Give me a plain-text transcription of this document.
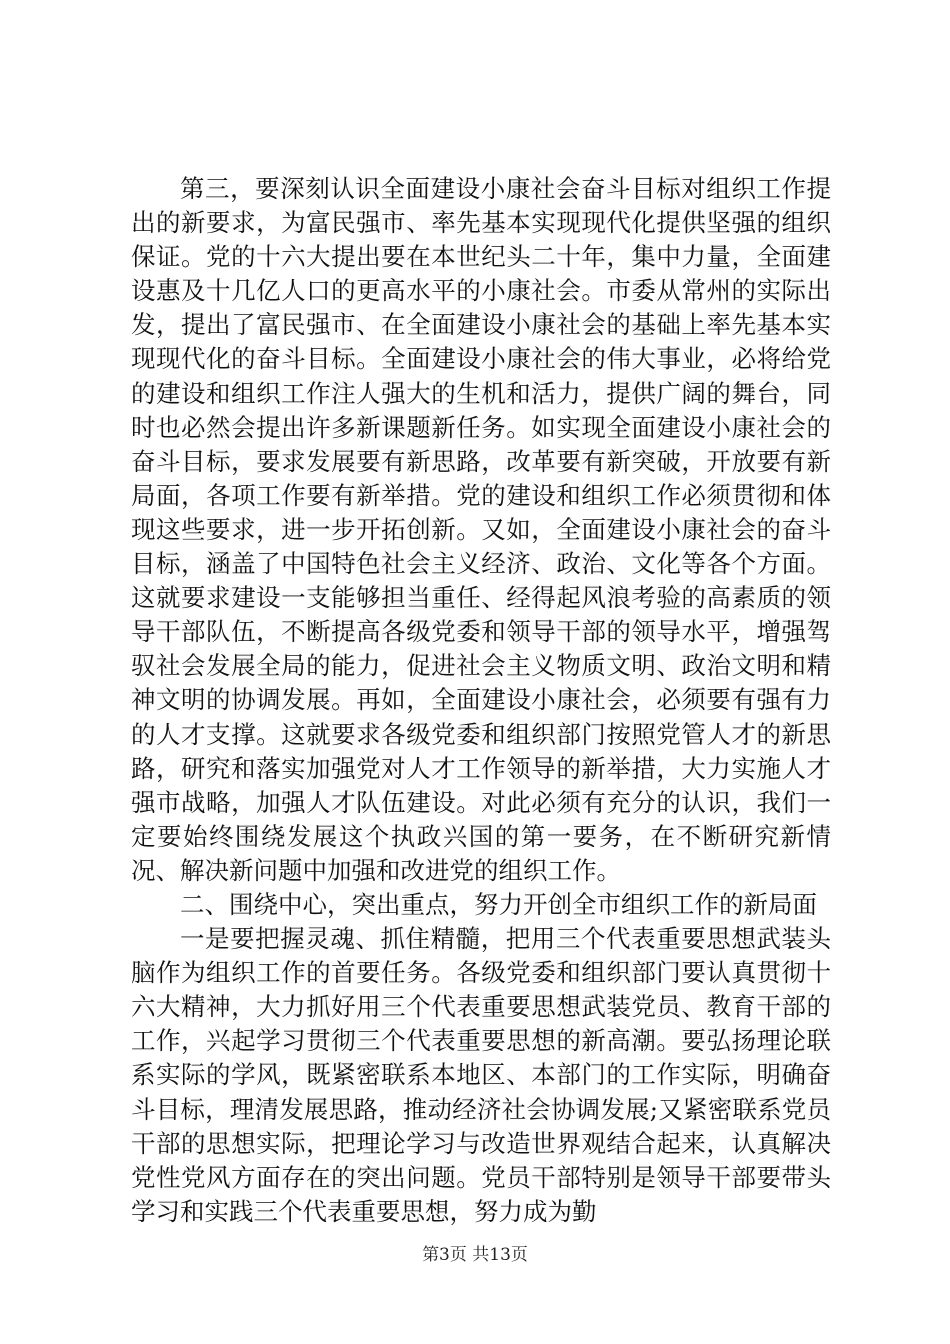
第三，要深刻认识全面建设小康社会奋斗目标对组织工作提出的新要求，为富民强市、率先基本实现现代化提供坚强的组织保证。党的十六大提出要在本世纪头二十年，集中力量，全面建设惠及十几亿人口的更高水平的小康社会。市委从常州的实际出发，提出了富民强市、在全面建设小康社会的基础上率先基本实现现代化的奋斗目标。全面建设小康社会的伟大事业，必将给党的建设和组织工作注人强大的生机和活力，提供广阔的舞台，同时也必然会提出许多新课题新任务。如实现全面建设小康社会的奋斗目标，要求发展要有新思路，改革要有新突破，开放要有新局面，各项工作要有新举措。党的建设和组织工作必须贯彻和体现这些要求，进一步开拓创新。又如，全面建设小康社会的奋斗目标，涵盖了中国特色社会主义经济、政治、文化等各个方面。这就要求建设一支能够担当重任、经得起风浪考验的高素质的领导干部队伍，不断提高各级党委和领导干部的领导水平，增强驾驭社会发展全局的能力，促进社会主义物质文明、政治文明和精神文明的协调发展。再如，全面建设小康社会，必须要有强有力的人才支撑。这就要求各级党委和组织部门按照党管人才的新思路，研究和落实加强党对人才工作领导的新举措，大力实施人才强市战略，加强人才队伍建设。对此必须有充分的认识，我们一定要始终围绕发展这个执政兴国的第一要务，在不断研究新情况、解决新问题中加强和改进党的组织工作。

二、围绕中心，突出重点，努力开创全市组织工作的新局面

一是要把握灵魂、抓住精髓，把用三个代表重要思想武装头脑作为组织工作的首要任务。各级党委和组织部门要认真贯彻十六大精神，大力抓好用三个代表重要思想武装党员、教育干部的工作，兴起学习贯彻三个代表重要思想的新高潮。要弘扬理论联系实际的学风，既紧密联系本地区、本部门的工作实际，明确奋斗目标，理清发展思路，推动经济社会协调发展;又紧密联系党员干部的思想实际，把理论学习与改造世界观结合起来，认真解决党性党风方面存在的突出问题。党员干部特别是领导干部要带头学习和实践三个代表重要思想，努力成为勤

第3页 共13页
